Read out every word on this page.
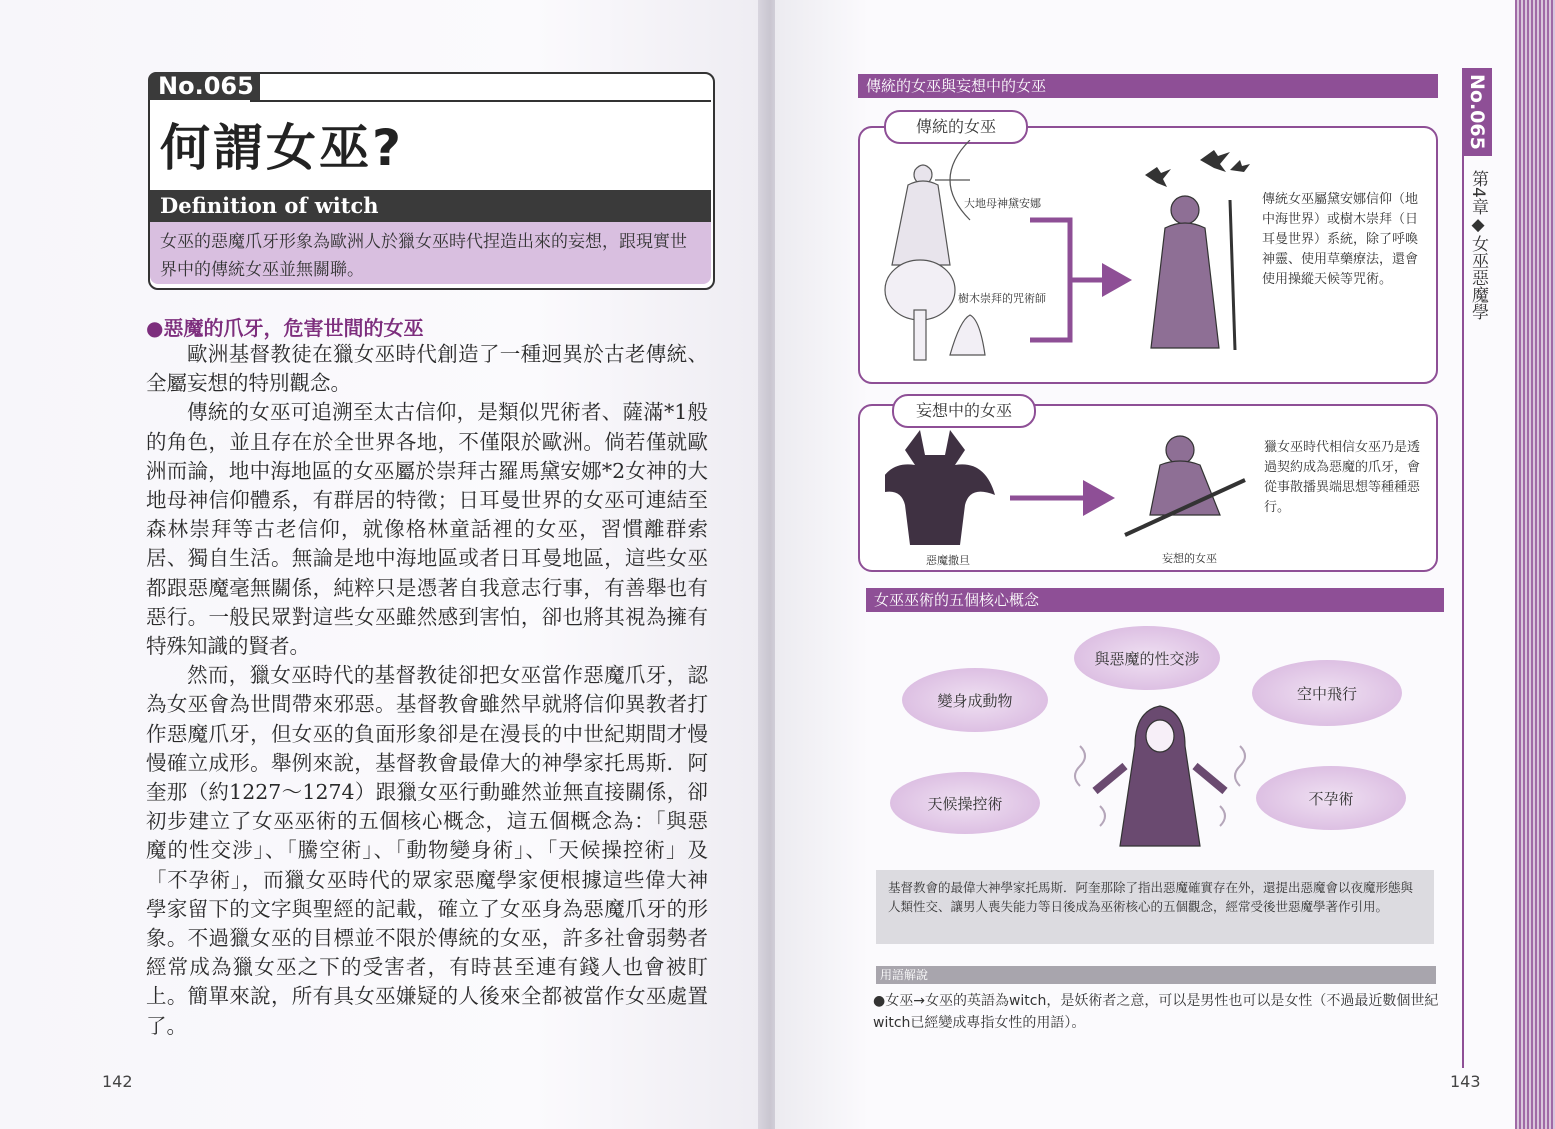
No.065
何謂女巫?
Definition of witch
女巫的惡魔爪牙形象為歐洲人於獵女巫時代捏造出來的妄想，跟現實世界中的傳統女巫並無關聯。
●惡魔的爪牙，危害世間的女巫

歐洲基督教徒在獵女巫時代創造了一種迥異於古老傳統、全屬妄想的特別觀念。

傳統的女巫可追溯至太古信仰，是類似咒術者、薩滿*1般的角色，並且存在於全世界各地，不僅限於歐洲。倘若僅就歐洲而論，地中海地區的女巫屬於崇拜古羅馬黛安娜*2女神的大地母神信仰體系，有群居的特徵；日耳曼世界的女巫可連結至森林崇拜等古老信仰，就像格林童話裡的女巫，習慣離群索居、獨自生活。無論是地中海地區或者日耳曼地區，這些女巫都跟惡魔毫無關係，純粹只是憑著自我意志行事，有善舉也有惡行。一般民眾對這些女巫雖然感到害怕，卻也將其視為擁有特殊知識的賢者。

然而，獵女巫時代的基督教徒卻把女巫當作惡魔爪牙，認為女巫會為世間帶來邪惡。基督教會雖然早就將信仰異教者打作惡魔爪牙，但女巫的負面形象卻是在漫長的中世紀期間才慢慢確立成形。舉例來說，基督教會最偉大的神學家托馬斯．阿奎那（約1227～1274）跟獵女巫行動雖然並無直接關係，卻初步建立了女巫巫術的五個核心概念，這五個概念為：「與惡魔的性交涉」、「騰空術」、「動物變身術」、「天候操控術」及「不孕術」，而獵女巫時代的眾家惡魔學家便根據這些偉大神學家留下的文字與聖經的記載，確立了女巫身為惡魔爪牙的形象。不過獵女巫的目標並不限於傳統的女巫，許多社會弱勢者經常成為獵女巫之下的受害者，有時甚至連有錢人也會被盯上。簡單來說，所有具女巫嫌疑的人後來全都被當作女巫處置了。

142
No.065
第4章◆女巫惡魔學
傳統的女巫與妄想中的女巫
傳統的女巫
大地母神黛安娜
樹木崇拜的咒術師
傳統女巫屬黛安娜信仰（地中海世界）或樹木崇拜（日耳曼世界）系統，除了呼喚神靈、使用草藥療法，還會使用操縱天候等咒術。
妄想中的女巫
惡魔撒旦	妄想的女巫
獵女巫時代相信女巫乃是透過契約成為惡魔的爪牙，會從事散播異端思想等種種惡行。
女巫巫術的五個核心概念
與惡魔的性交涉
變身成動物	空中飛行
天候操控術	不孕術
基督教會的最偉大神學家托馬斯．阿奎那除了指出惡魔確實存在外，還提出惡魔會以夜魔形態與人類性交、讓男人喪失能力等日後成為巫術核心的五個觀念，經常受後世惡魔學著作引用。
用語解說
●女巫→女巫的英語為witch，是妖術者之意，可以是男性也可以是女性（不過最近數個世紀witch已經變成專指女性的用語）。
143
